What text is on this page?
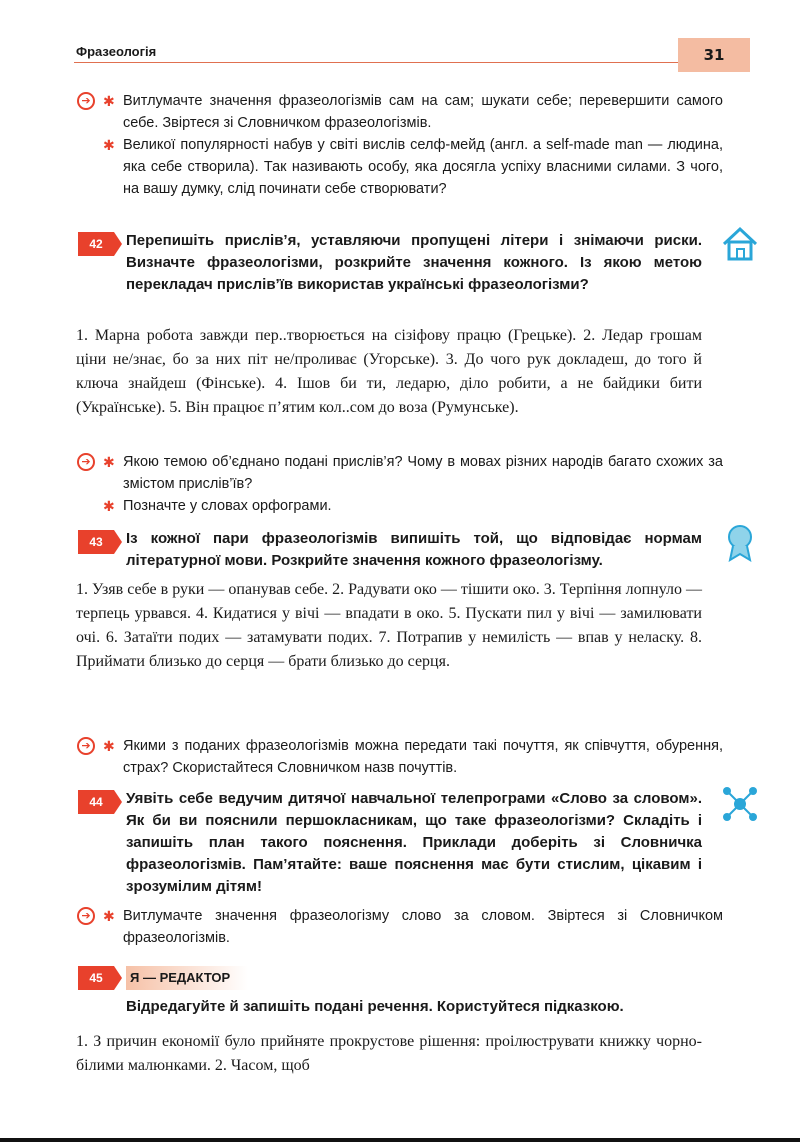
Фразеологія	31
➔ ✱ Витлумачте значення фразеологізмів сам на сам; шукати себе; перевершити самого себе. Звіртеся зі Словничком фразеологізмів.
✱ Великої популярності набув у світі вислів селф-мейд (англ. a self-made man — людина, яка себе створила). Так називають особу, яка досягла успіху власними силами. З чого, на вашу думку, слід починати себе створювати?
42	Перепишіть прислів’я, уставляючи пропущені літери і знімаючи риски. Визначте фразеологізми, розкрийте значення кожного. Із якою метою перекладач прислів’їв використав українські фразеологізми?
1. Марна робота завжди пер..творюється на сізіфову працю (Грецьке). 2. Ледар грошам ціни не/знає, бо за них піт не/проливає (Угорське). 3. До чого рук докладеш, до того й ключа знайдеш (Фінське). 4. Ішов би ти, ледарю, діло робити, а не байдики бити (Українське). 5. Він працює п’ятим кол..сом до воза (Румунське).
➔ ✱ Якою темою об’єднано подані прислів’я? Чому в мовах різних народів багато схожих за змістом прислів’їв?
✱ Позначте у словах орфограми.
43	Із кожної пари фразеологізмів випишіть той, що відповідає нормам літературної мови. Розкрийте значення кожного фразеологізму.
1. Узяв себе в руки — опанував себе. 2. Радувати око — тішити око. 3. Терпіння лопнуло — терпець урвався. 4. Кидатися у вічі — впадати в око. 5. Пускати пил у вічі — замилювати очі. 6. Затаїти подих — затамувати подих. 7. Потрапив у немилість — впав у неласку. 8. Приймати близько до серця — брати близько до серця.
➔ ✱ Якими з поданих фразеологізмів можна передати такі почуття, як співчуття, обурення, страх? Скористайтеся Словничком назв почуттів.
44	Уявіть себе ведучим дитячої навчальної телепрограми «Слово за словом». Як би ви пояснили першокласникам, що таке фразеологізми? Складіть і запишіть план такого пояснення. Приклади доберіть зі Словничка фразеологізмів. Пам’ятайте: ваше пояснення має бути стислим, цікавим і зрозумілим дітям!
➔ ✱ Витлумачте значення фразеологізму слово за словом. Звіртеся зі Словничком фразеологізмів.
45	Я — РЕДАКТОР
Відредагуйте й запишіть подані речення. Користуйтеся підказкою.
1. З причин економії було прийняте прокрустове рішення: проілюструвати книжку чорно-білими малюнками. 2. Часом, щоб
